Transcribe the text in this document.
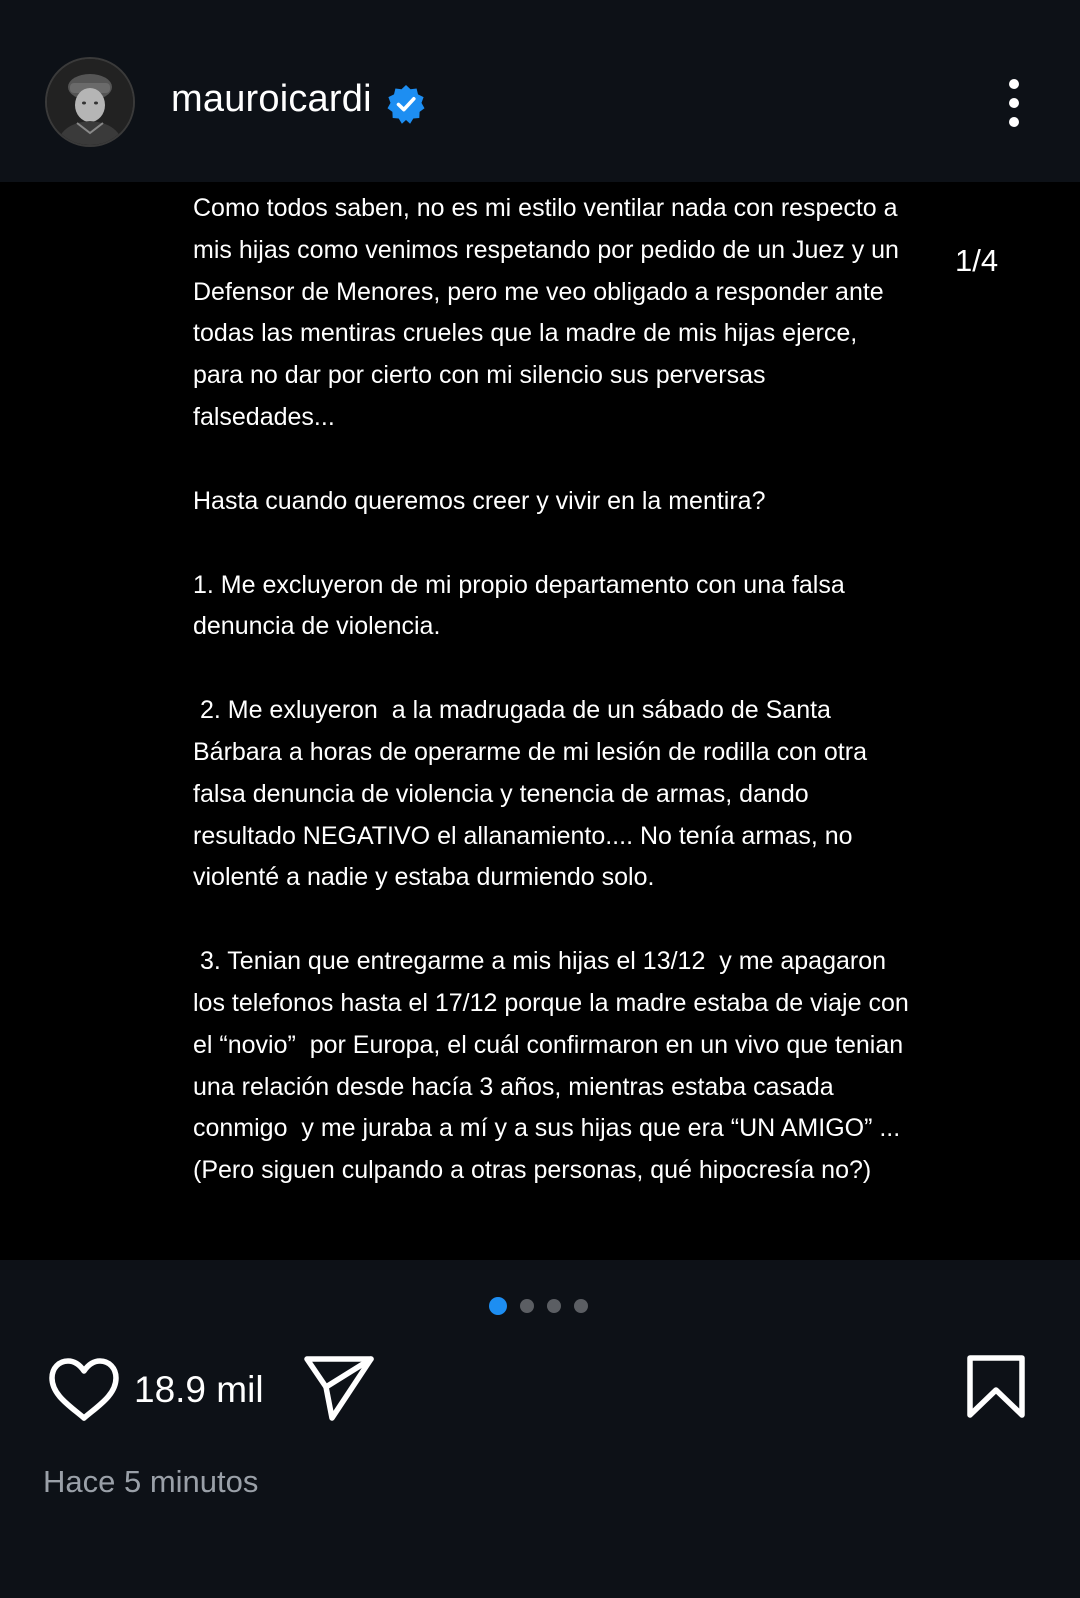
mauroicardi
1/4

Como todos saben, no es mi estilo ventilar nada con respecto a mis hijas como venimos respetando por pedido de un Juez y un Defensor de Menores, pero me veo obligado a responder ante todas las mentiras crueles que la madre de mis hijas ejerce, para no dar por cierto con mi silencio sus perversas falsedades...

Hasta cuando queremos creer y vivir en la mentira?

1. Me excluyeron de mi propio departamento con una falsa denuncia de violencia.

2. Me exluyeron  a la madrugada de un sábado de Santa Bárbara a horas de operarme de mi lesión de rodilla con otra falsa denuncia de violencia y tenencia de armas, dando resultado NEGATIVO el allanamiento.... No tenía armas, no violenté a nadie y estaba durmiendo solo.

3. Tenian que entregarme a mis hijas el 13/12  y me apagaron los telefonos hasta el 17/12 porque la madre estaba de viaje con el “novio”  por Europa, el cuál confirmaron en un vivo que tenian una relación desde hacía 3 años, mientras estaba casada conmigo  y me juraba a mí y a sus hijas que era “UN AMIGO” ... (Pero siguen culpando a otras personas, qué hipocresía no?)

18.9 mil
Hace 5 minutos
